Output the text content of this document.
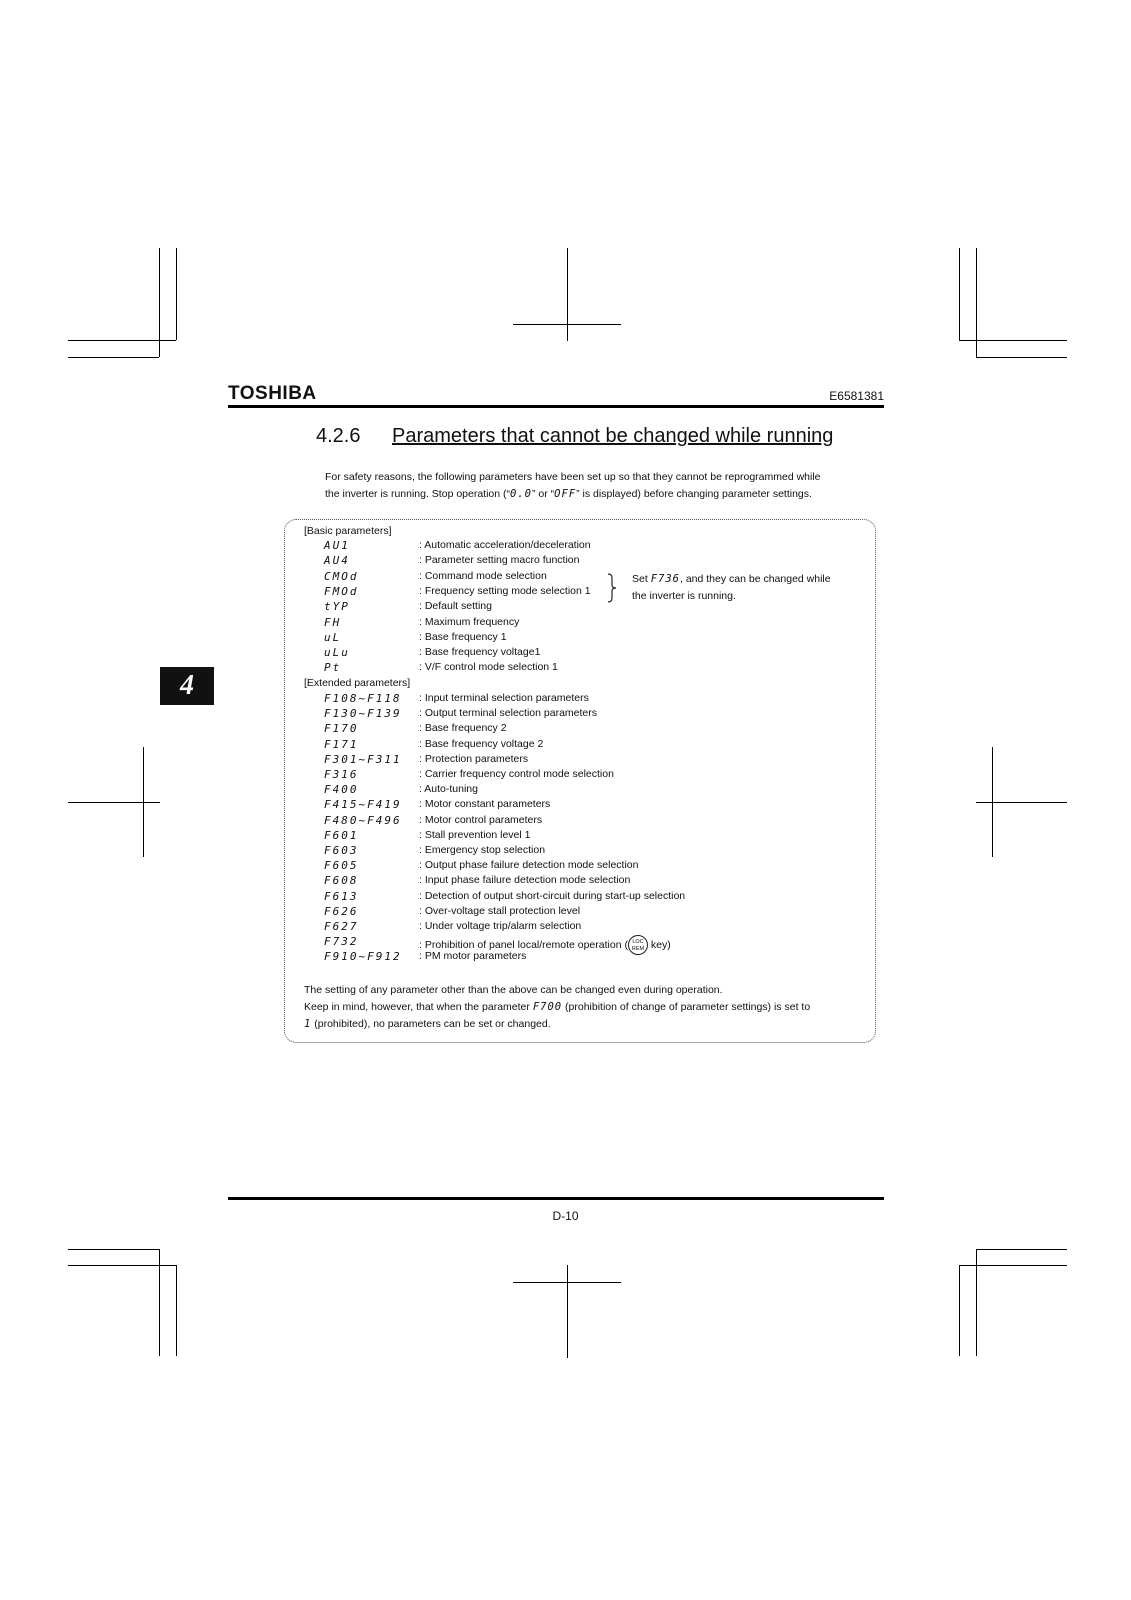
TOSHIBA	E6581381
4.2.6 Parameters that cannot be changed while running
For safety reasons, the following parameters have been set up so that they cannot be reprogrammed while
the inverter is running. Stop operation (“0.0” or “OFF” is displayed) before changing parameter settings.
4
[Basic parameters]
AU1	: Automatic acceleration/deceleration
AU4	: Parameter setting macro function
CMOd	: Command mode selection
FMOd	: Frequency setting mode selection 1
tYP	: Default setting
FH	: Maximum frequency
uL	: Base frequency 1
uLu	: Base frequency voltage1
Pt	: V/F control mode selection 1
Set F736, and they can be changed while
the inverter is running.
[Extended parameters]
F108~F118 : Input terminal selection parameters
F130~F139 : Output terminal selection parameters
F170	: Base frequency 2
F171	: Base frequency voltage 2
F301~F311 : Protection parameters
F316	: Carrier frequency control mode selection
F400	: Auto-tuning
F415~F419 : Motor constant parameters
F480~F496 : Motor control parameters
F601	: Stall prevention level 1
F603	: Emergency stop selection
F605	: Output phase failure detection mode selection
F608	: Input phase failure detection mode selection
F613	: Detection of output short-circuit during start-up selection
F626	: Over-voltage stall protection level
F627	: Under voltage trip/alarm selection
F732	: Prohibition of panel local/remote operation ( LOC
REM key)
F910~F912 : PM motor parameters
The setting of any parameter other than the above can be changed even during operation.
Keep in mind, however, that when the parameter F700 (prohibition of change of parameter settings) is set to
1 (prohibited), no parameters can be set or changed.
D-10
